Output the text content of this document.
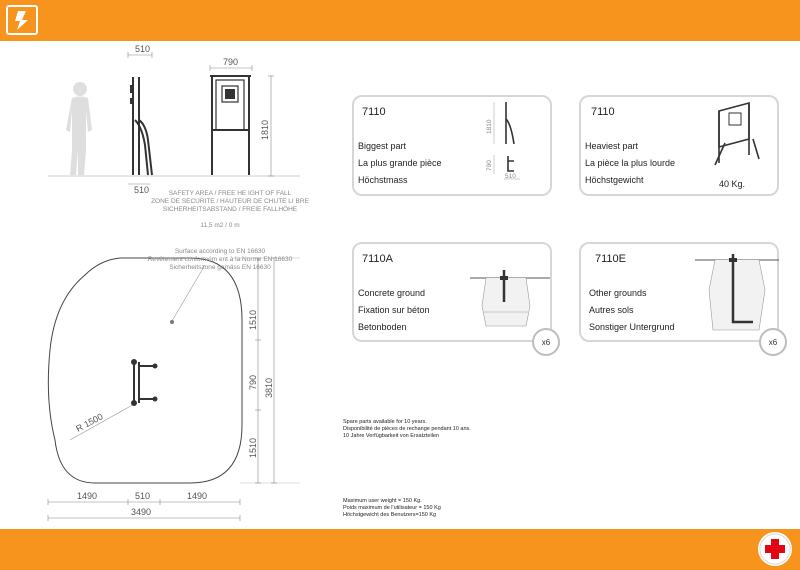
510
790
1810
510
R 1500
1510
790
1510
3810
1490	510	1490
3490
SAFETY AREA / FREE HE IGHT OF FALL
ZONE DE SECURITE / HAUTEUR DE CHUTE LI BRE
SICHERHEITSABSTAND / FREIE FALLHÖHE
11,5 m2 / 0 m
Surface according to EN 16630
Revêtement conformém ent à la Norme EN 16630
Sicherheitszone gemäss EN 16630
7110
Biggest part
La plus grande pièce
Höchstmass
1810
790
510
7110
Heaviest part
La pièce la plus lourde
Höchstgewicht	40 Kg.
7110A
Concrete ground
Fixation sur béton
Betonboden
x6
7110E
Other grounds
Autres sols
Sonstiger Untergrund
x6
Spare parts available for 10 years.
Disponibilité de pièces de rechange pendant 10 ans.
10 Jahre Verfügbarkeit von Ersatzteilen
Maximum user weight = 150 Kg.
Poids maximum de l'utilisateur = 150 Kg
Höchstgewicht des Benutzers=150 Kg
